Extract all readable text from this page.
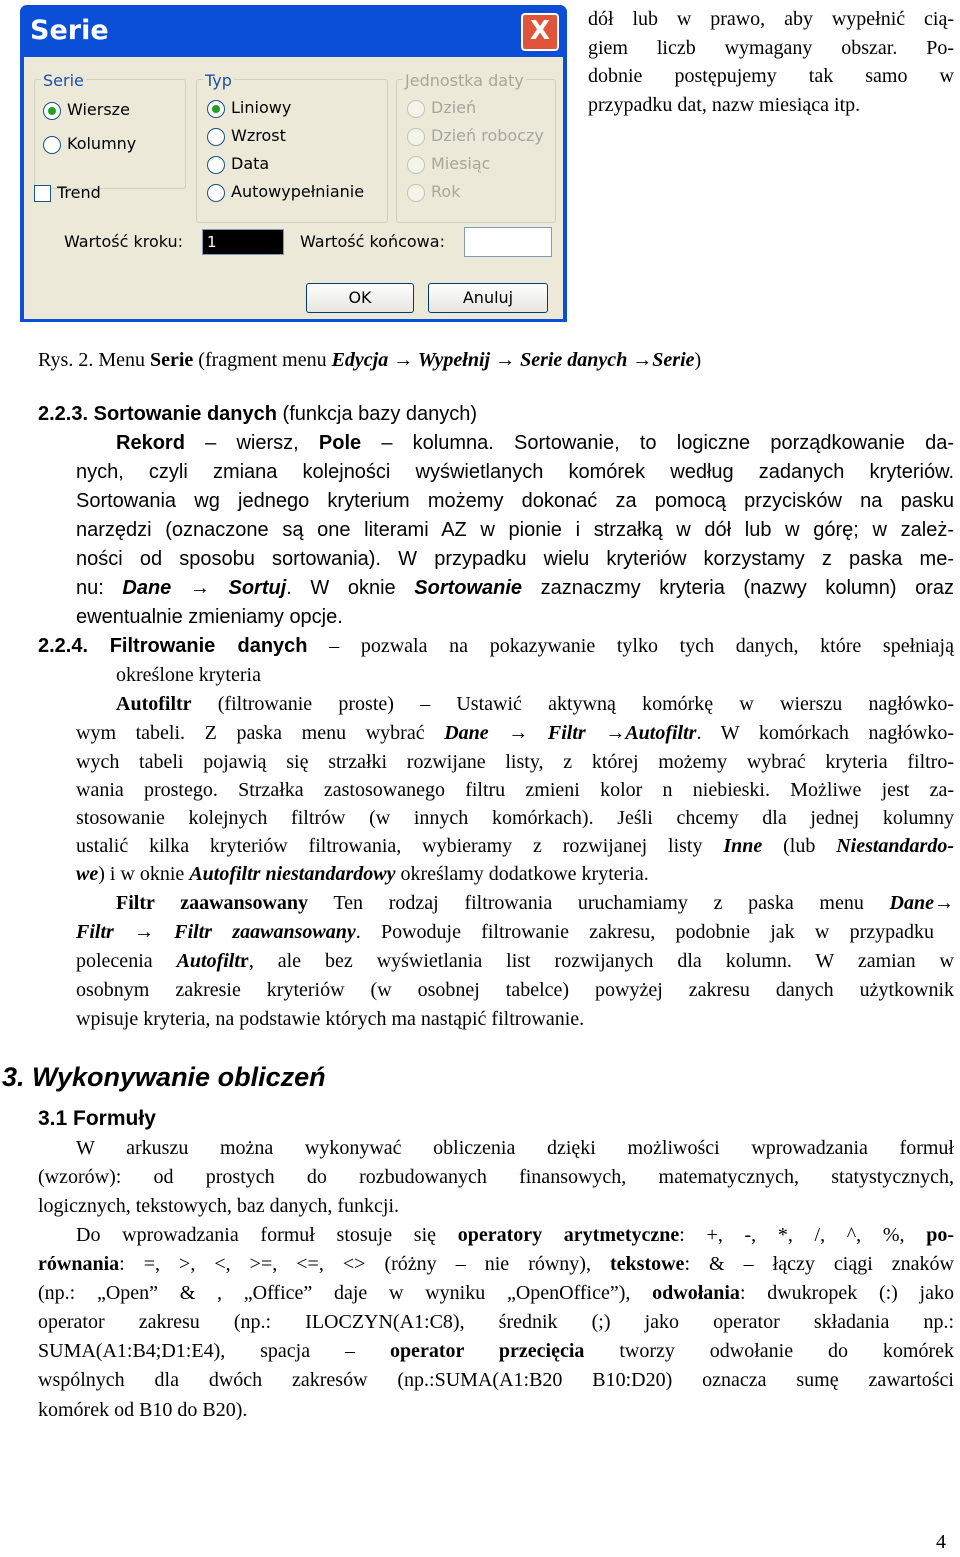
Serie	X
Serie
Wiersze
Kolumny
Trend
Typ
Liniowy
Wzrost
Data
Autowypełnianie
Jednostka daty
Dzień
Dzień roboczy
Miesiąc
Rok
Wartość kroku:	1	Wartość końcowa:
OK	Anuluj
dół lub w prawo, aby wypełnić cią-
giem liczb wymagany obszar. Po-
dobnie postępujemy tak samo w
przypadku dat, nazw miesiąca itp.
Rys. 2. Menu Serie (fragment menu Edycja → Wypełnij → Serie danych →Serie)
2.2.3. Sortowanie danych (funkcja bazy danych)
Rekord – wiersz, Pole – kolumna. Sortowanie, to logiczne porządkowanie da-
nych, czyli zmiana kolejności wyświetlanych komórek według zadanych kryteriów.
Sortowania wg jednego kryterium możemy dokonać za pomocą przycisków na pasku
narzędzi (oznaczone są one literami AZ w pionie i strzałką w dół lub w górę; w zależ-
ności od sposobu sortowania). W przypadku wielu kryteriów korzystamy z paska me-
nu: Dane → Sortuj. W oknie Sortowanie zaznaczmy kryteria (nazwy kolumn) oraz
ewentualnie zmieniamy opcje.
2.2.4. Filtrowanie danych – pozwala na pokazywanie tylko tych danych, które spełniają
określone kryteria
Autofiltr (filtrowanie proste) – Ustawić aktywną komórkę w wierszu nagłówko-
wym tabeli. Z paska menu wybrać Dane → Filtr →Autofiltr. W komórkach nagłówko-
wych tabeli pojawią się strzałki rozwijane listy, z której możemy wybrać kryteria filtro-
wania prostego. Strzałka zastosowanego filtru zmieni kolor n niebieski. Możliwe jest za-
stosowanie kolejnych filtrów (w innych komórkach). Jeśli chcemy dla jednej kolumny
ustalić kilka kryteriów filtrowania, wybieramy z rozwijanej listy Inne (lub Niestandardo-
we) i w oknie Autofiltr niestandardowy określamy dodatkowe kryteria.
Filtr zaawansowany Ten rodzaj filtrowania uruchamiamy z paska menu Dane→
Filtr → Filtr zaawansowany. Powoduje filtrowanie zakresu, podobnie jak w przypadku
polecenia Autofiltr, ale bez wyświetlania list rozwijanych dla kolumn. W zamian w
osobnym zakresie kryteriów (w osobnej tabelce) powyżej zakresu danych użytkownik
wpisuje kryteria, na podstawie których ma nastąpić filtrowanie.
3. Wykonywanie obliczeń
3.1 Formuły
W arkuszu można wykonywać obliczenia dzięki możliwości wprowadzania formuł
(wzorów): od prostych do rozbudowanych finansowych, matematycznych, statystycznych,
logicznych, tekstowych, baz danych, funkcji.
Do wprowadzania formuł stosuje się operatory arytmetyczne: +, -, *, /, ^, %, po-
równania: =, >, <, >=, <=, <> (różny – nie równy), tekstowe: & – łączy ciągi znaków
(np.: „Open” & , „Office” daje w wyniku „OpenOffice”), odwołania: dwukropek (:) jako
operator zakresu (np.: ILOCZYN(A1:C8), średnik (;) jako operator składania np.:
SUMA(A1:B4;D1:E4), spacja – operator przecięcia tworzy odwołanie do komórek
wspólnych dla dwóch zakresów (np.:SUMA(A1:B20 B10:D20) oznacza sumę zawartości
komórek od B10 do B20).
4
